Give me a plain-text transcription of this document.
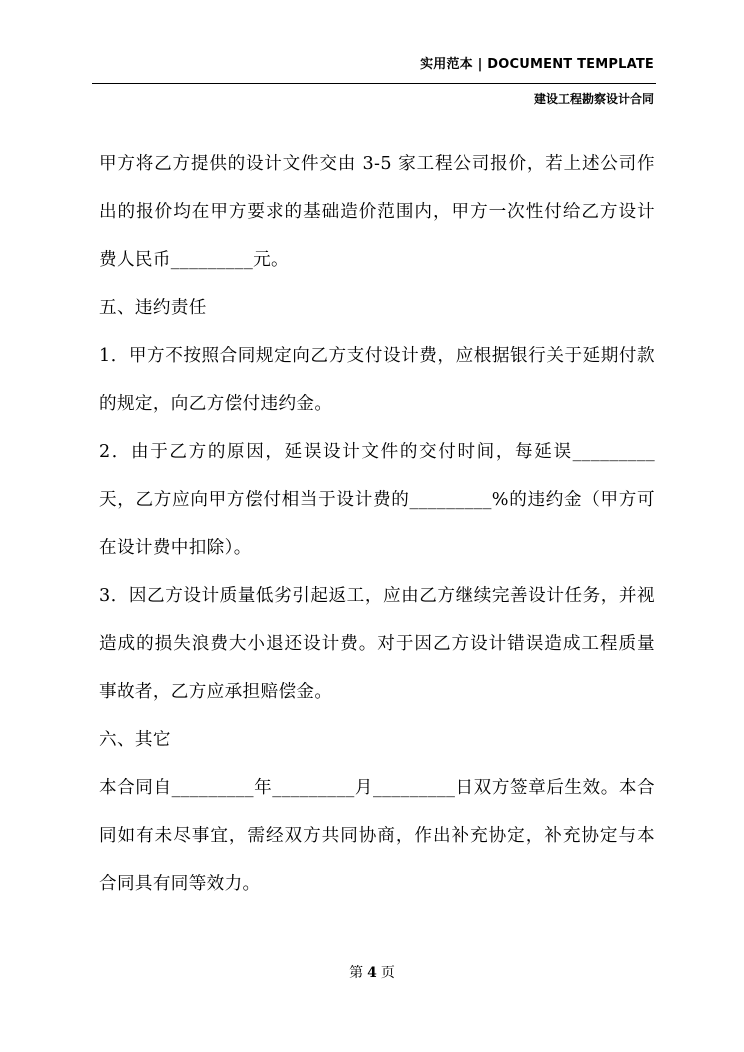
实用范本 | DOCUMENT TEMPLATE
建设工程勘察设计合同

甲方将乙方提供的设计文件交由 3-5 家工程公司报价，若上述公司作出的报价均在甲方要求的基础造价范围内，甲方一次性付给乙方设计费人民币_________元。

五、违约责任

1．甲方不按照合同规定向乙方支付设计费，应根据银行关于延期付款的规定，向乙方偿付违约金。

2．由于乙方的原因，延误设计文件的交付时间，每延误_________天，乙方应向甲方偿付相当于设计费的_________%的违约金（甲方可在设计费中扣除）。

3．因乙方设计质量低劣引起返工，应由乙方继续完善设计任务，并视造成的损失浪费大小退还设计费。对于因乙方设计错误造成工程质量事故者，乙方应承担赔偿金。

六、其它

本合同自_________年_________月_________日双方签章后生效。本合同如有未尽事宜，需经双方共同协商，作出补充协定，补充协定与本合同具有同等效力。

第 4 页
